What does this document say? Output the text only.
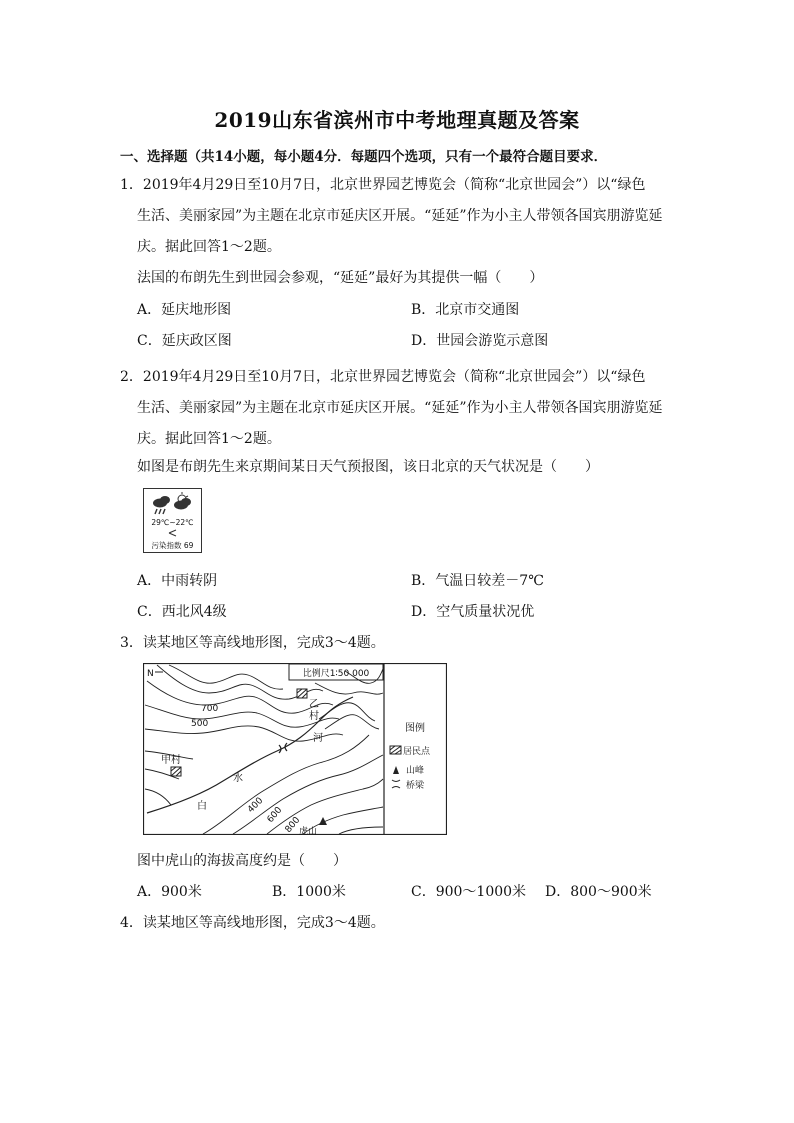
2019山东省滨州市中考地理真题及答案
一、选择题（共14小题，每小题4分．每题四个选项，只有一个最符合题目要求．
1．2019年4月29日至10月7日，北京世界园艺博览会（简称“北京世园会”）以“绿色
生活、美丽家园”为主题在北京市延庆区开展。“延延”作为小主人带领各国宾朋游览延
庆。据此回答1～2题。
法国的布朗先生到世园会参观，“延延”最好为其提供一幅（　　）
A．延庆地形图	B．北京市交通图
C．延庆政区图	D．世园会游览示意图
2．2019年4月29日至10月7日，北京世界园艺博览会（简称“北京世园会”）以“绿色
生活、美丽家园”为主题在北京市延庆区开展。“延延”作为小主人带领各国宾朋游览延
庆。据此回答1～2题。
如图是布朗先生来京期间某日天气预报图，该日北京的天气状况是（　　）
29℃~22℃
污染指数 69
A．中雨转阴	B．气温日较差－7℃
C．西北风4级	D．空气质量状况优
3．读某地区等高线地形图，完成3～4题。
N	比例尺1∶50 000
700
500
400 600
800
甲村
乙
村
河
水
白
虎山
图例
居民点
山峰
桥梁
图中虎山的海拔高度约是（　　）
A．900米	B．1000米	C．900～1000米 D．800～900米
4．读某地区等高线地形图，完成3～4题。
